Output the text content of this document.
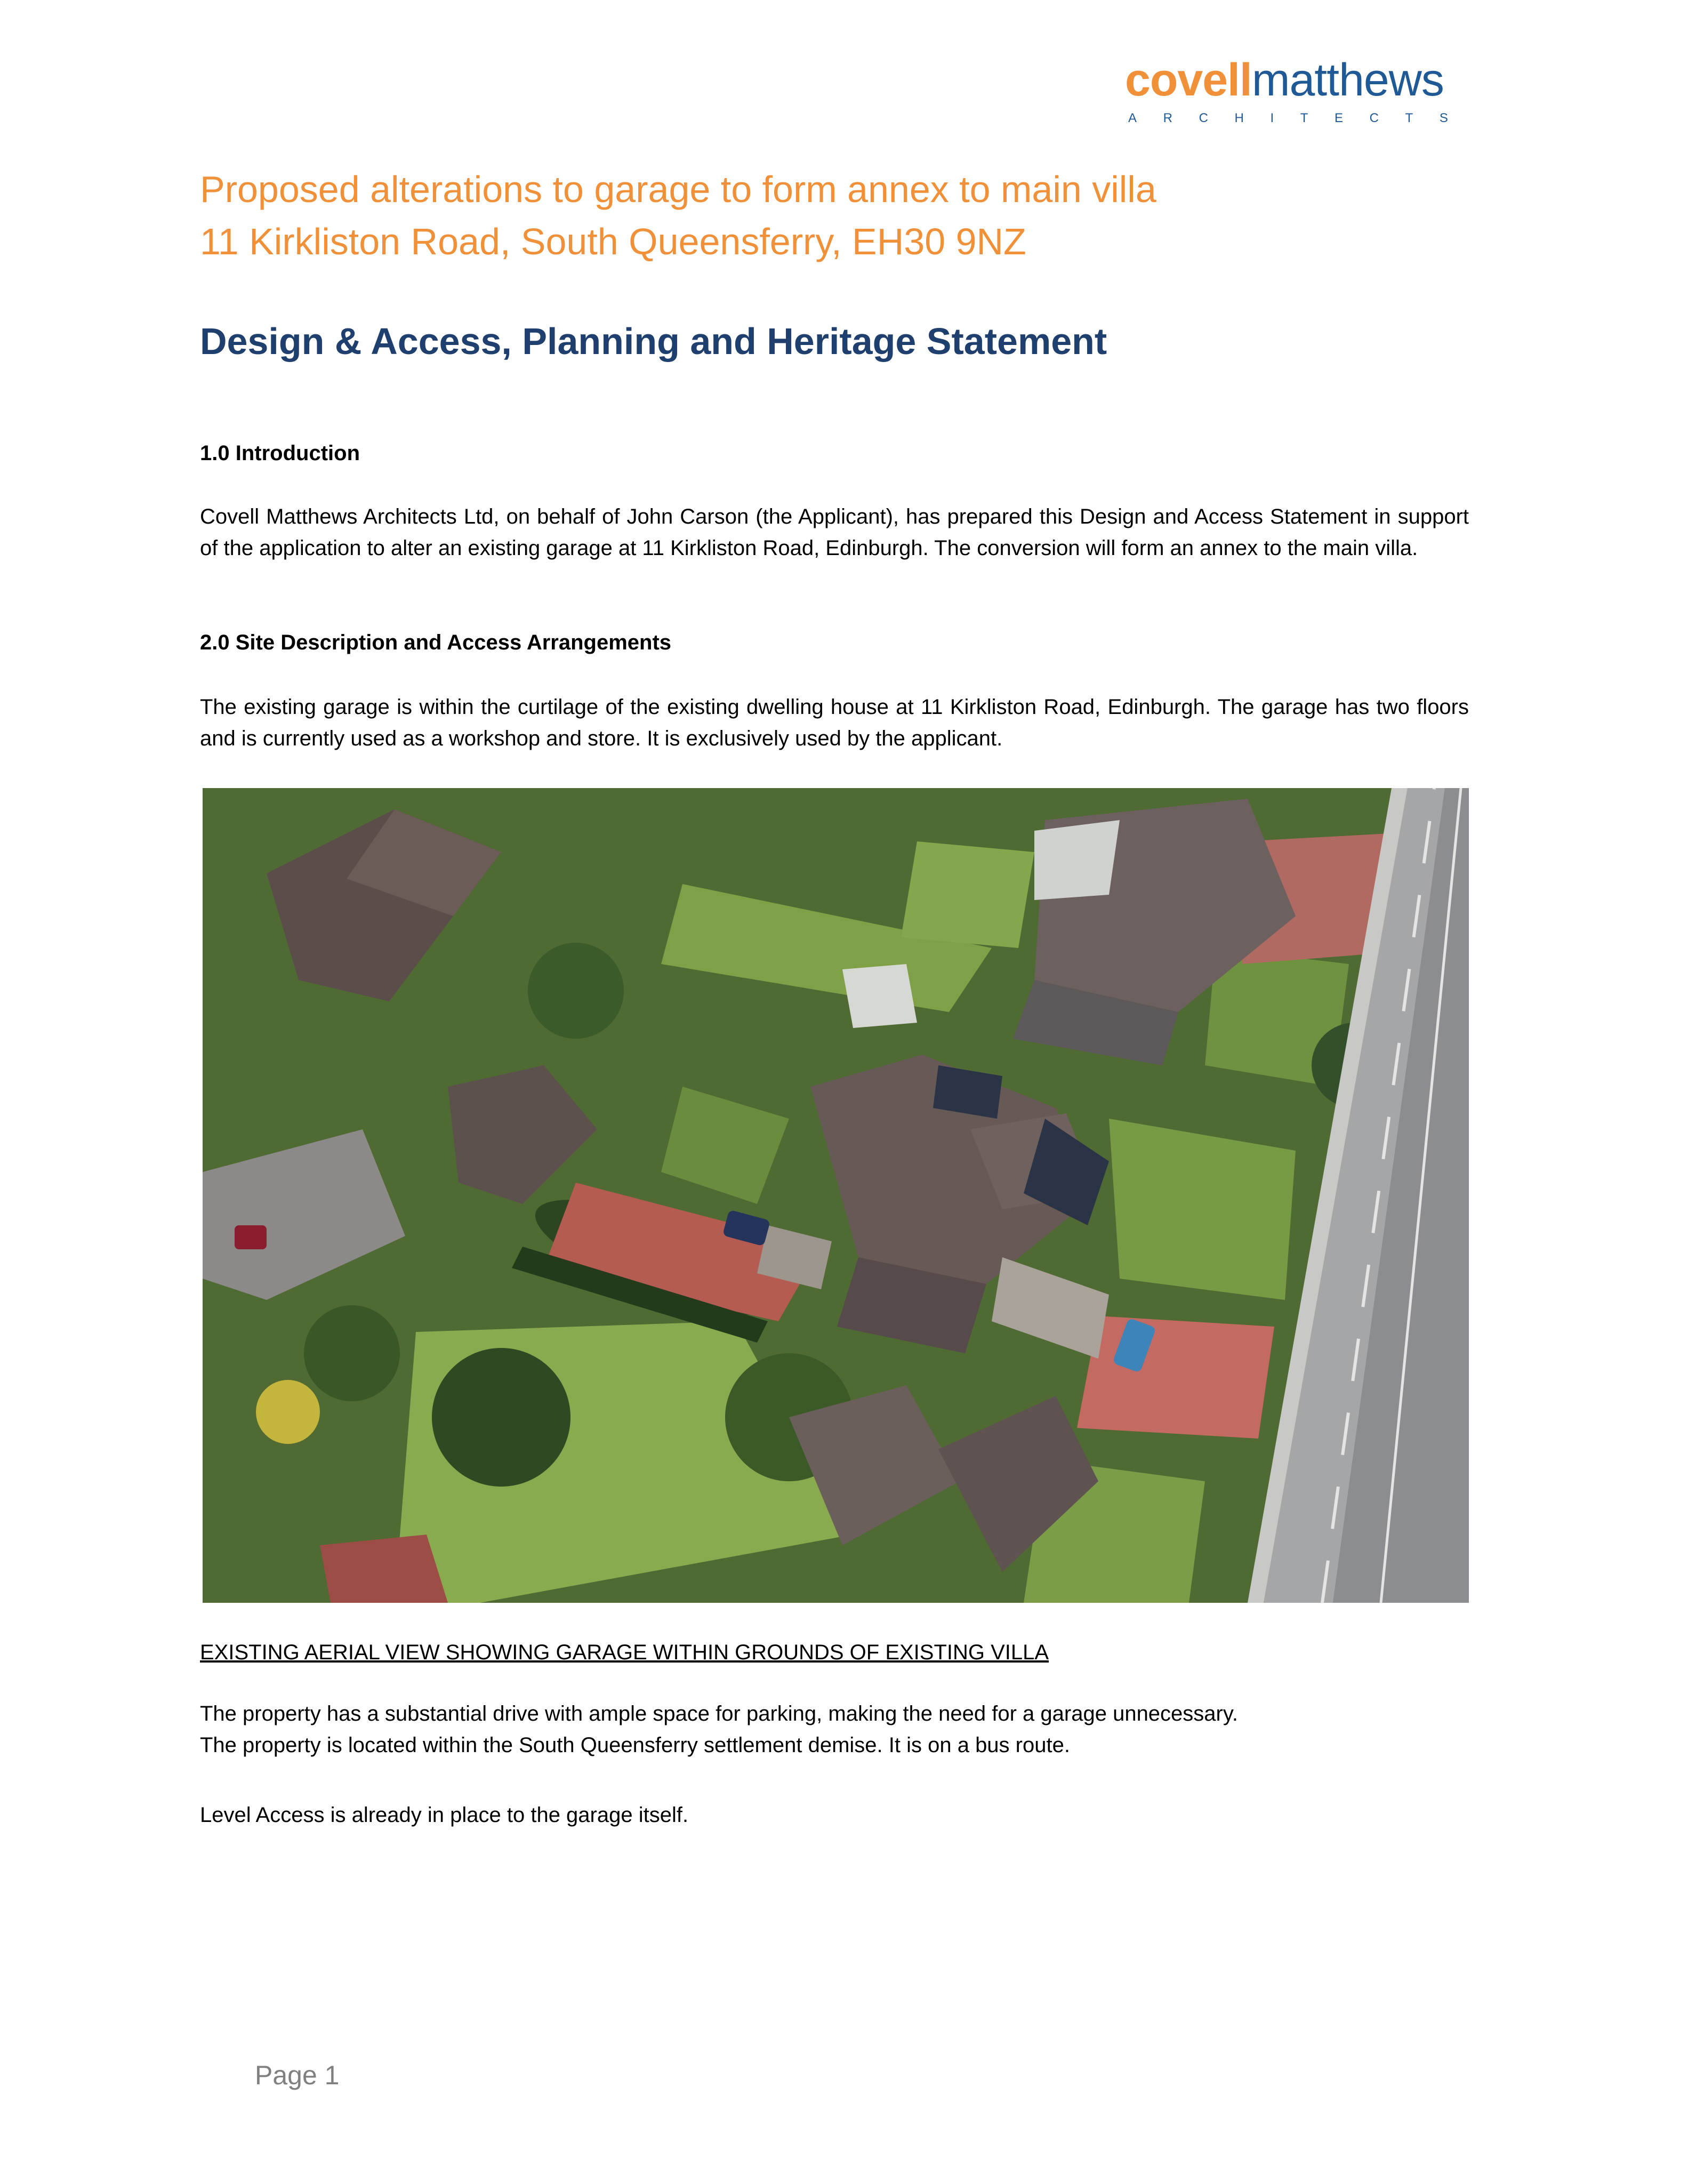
covellmatthews
A R C H I T E C T S
Proposed alterations to garage to form annex to main villa
11 Kirkliston Road, South Queensferry, EH30 9NZ
Design & Access, Planning and Heritage Statement
1.0 Introduction
Covell Matthews Architects Ltd, on behalf of John Carson (the Applicant), has prepared this Design and Access Statement in support of the application to alter an existing garage at 11 Kirkliston Road, Edinburgh. The conversion will form an annex to the main villa.
2.0 Site Description and Access Arrangements
The existing garage is within the curtilage of the existing dwelling house at 11 Kirkliston Road, Edinburgh. The garage has two floors and is currently used as a workshop and store. It is exclusively used by the applicant.
EXISTING AERIAL VIEW SHOWING GARAGE WITHIN GROUNDS OF EXISTING VILLA
The property has a substantial drive with ample space for parking, making the need for a garage unnecessary.
The property is located within the South Queensferry settlement demise. It is on a bus route.
Level Access is already in place to the garage itself.
Page 1
